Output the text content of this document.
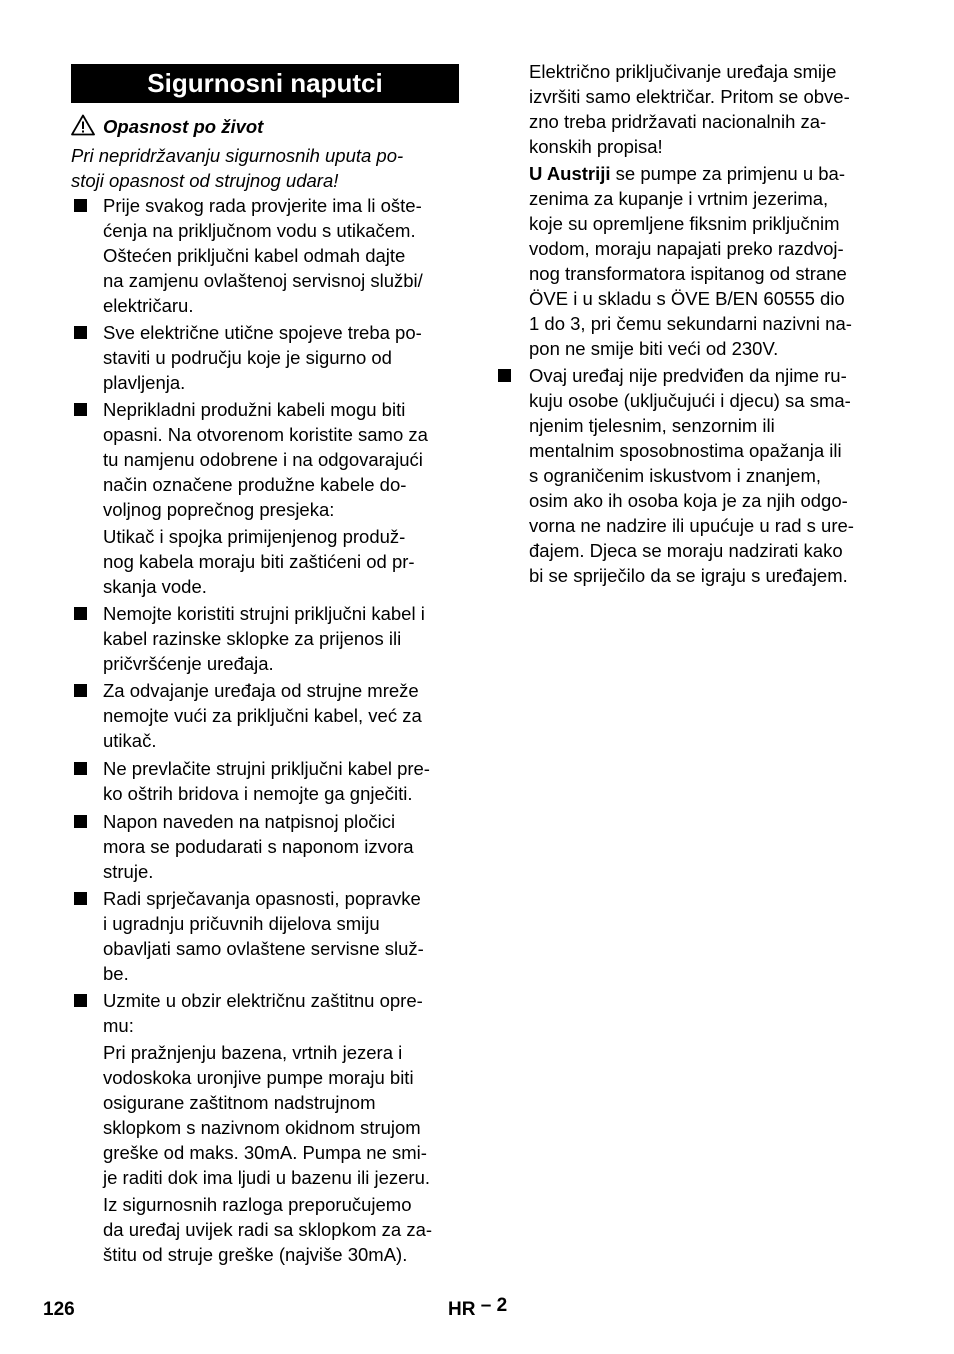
Sigurnosni naputci
Opasnost po život
Pri nepridržavanju sigurnosnih uputa po-
stoji opasnost od strujnog udara!
Prije svakog rada provjerite ima li ošte-
ćenja na priključnom vodu s utikačem.
Oštećen priključni kabel odmah dajte
na zamjenu ovlaštenoj servisnoj službi/
električaru.
Sve električne utične spojeve treba po-
staviti u području koje je sigurno od
plavljenja.
Neprikladni produžni kabeli mogu biti
opasni. Na otvorenom koristite samo za
tu namjenu odobrene i na odgovarajući
način označene produžne kabele do-
voljnog poprečnog presjeka:
Utikač i spojka primijenjenog produž-
nog kabela moraju biti zaštićeni od pr-
skanja vode.
Nemojte koristiti strujni priključni kabel i
kabel razinske sklopke za prijenos ili
pričvršćenje uređaja.
Za odvajanje uređaja od strujne mreže
nemojte vući za priključni kabel, već za
utikač.
Ne prevlačite strujni priključni kabel pre-
ko oštrih bridova i nemojte ga gnječiti.
Napon naveden na natpisnoj pločici
mora se podudarati s naponom izvora
struje.
Radi sprječavanja opasnosti, popravke
i ugradnju pričuvnih dijelova smiju
obavljati samo ovlaštene servisne služ-
be.
Uzmite u obzir električnu zaštitnu opre-
mu:
Pri pražnjenju bazena, vrtnih jezera i
vodoskoka uronjive pumpe moraju biti
osigurane zaštitnom nadstrujnom
sklopkom s nazivnom okidnom strujom
greške od maks. 30mA. Pumpa ne smi-
je raditi dok ima ljudi u bazenu ili jezeru.
Iz sigurnosnih razloga preporučujemo
da uređaj uvijek radi sa sklopkom za za-
štitu od struje greške (najviše 30mA).
Električno priključivanje uređaja smije
izvršiti samo električar. Pritom se obve-
zno treba pridržavati nacionalnih za-
konskih propisa!
U Austriji se pumpe za primjenu u ba-
zenima za kupanje i vrtnim jezerima,
koje su opremljene fiksnim priključnim
vodom, moraju napajati preko razdvoj-
nog transformatora ispitanog od strane
ÖVE i u skladu s ÖVE B/EN 60555 dio
1 do 3, pri čemu sekundarni nazivni na-
pon ne smije biti veći od 230V.
Ovaj uređaj nije predviđen da njime ru-
kuju osobe (uključujući i djecu) sa sma-
njenim tjelesnim, senzornim ili
mentalnim sposobnostima opažanja ili
s ograničenim iskustvom i znanjem,
osim ako ih osoba koja je za njih odgo-
vorna ne nadzire ili upućuje u rad s ure-
đajem. Djeca se moraju nadzirati kako
bi se spriječilo da se igraju s uređajem.
126	HR – 2
